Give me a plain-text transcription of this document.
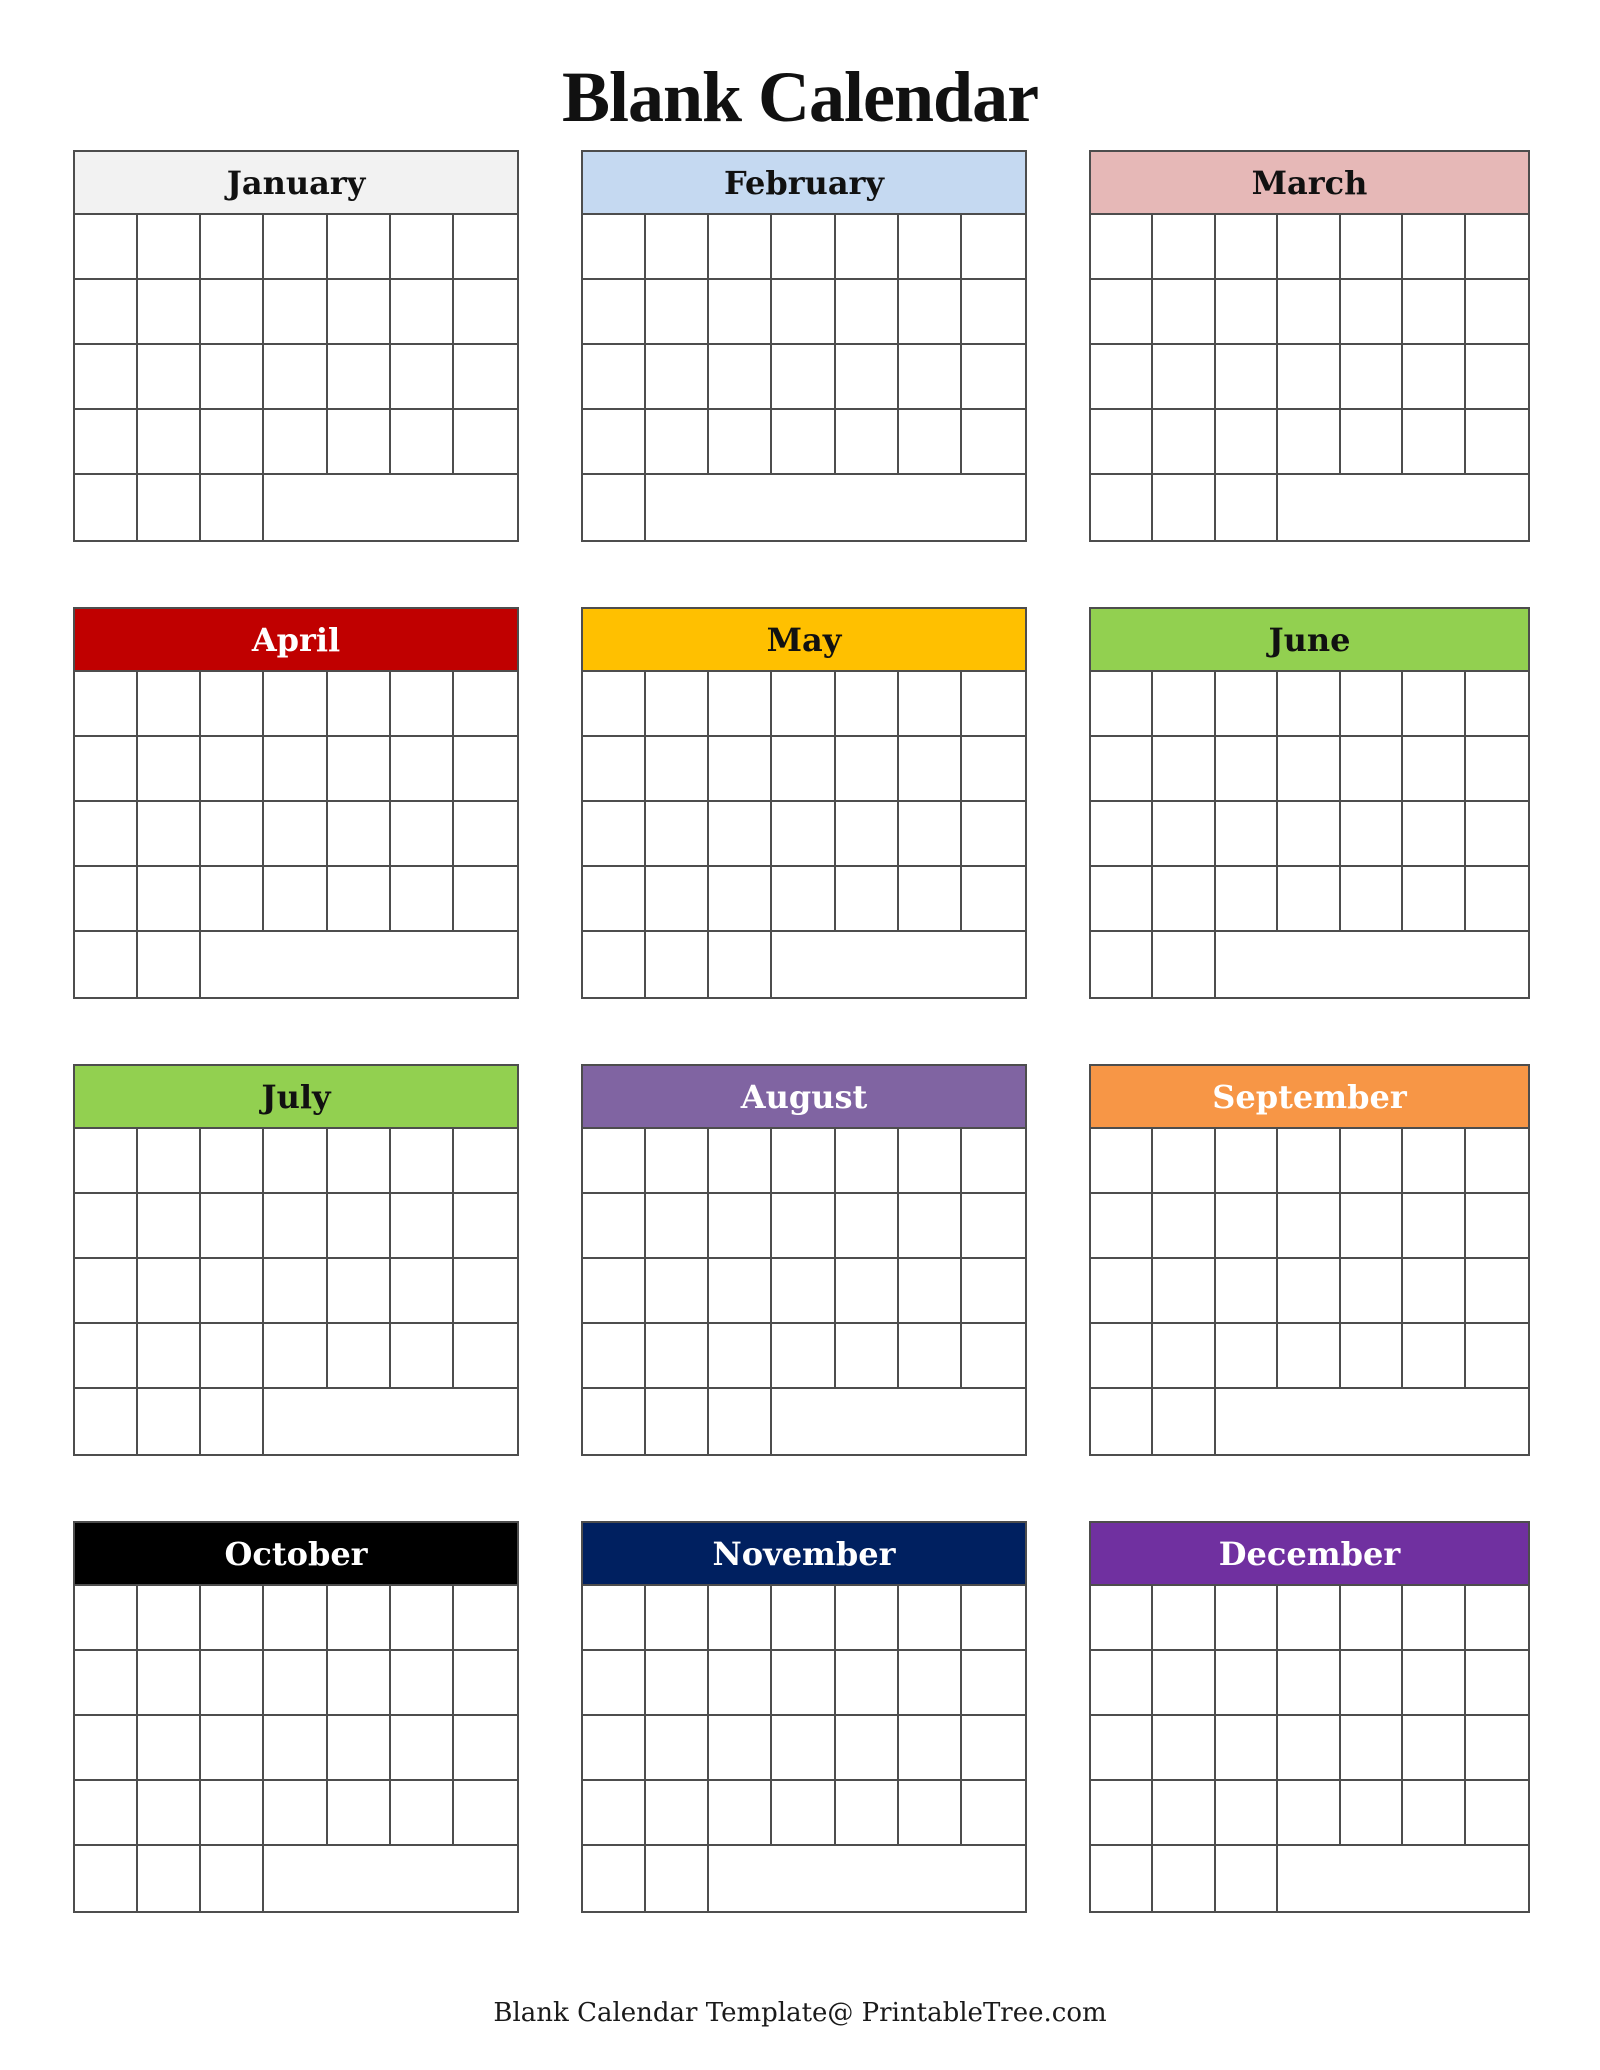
Blank Calendar
January	February	March
April	May	June
July	August	September
October	November	December
Blank Calendar Template@ PrintableTree.com
